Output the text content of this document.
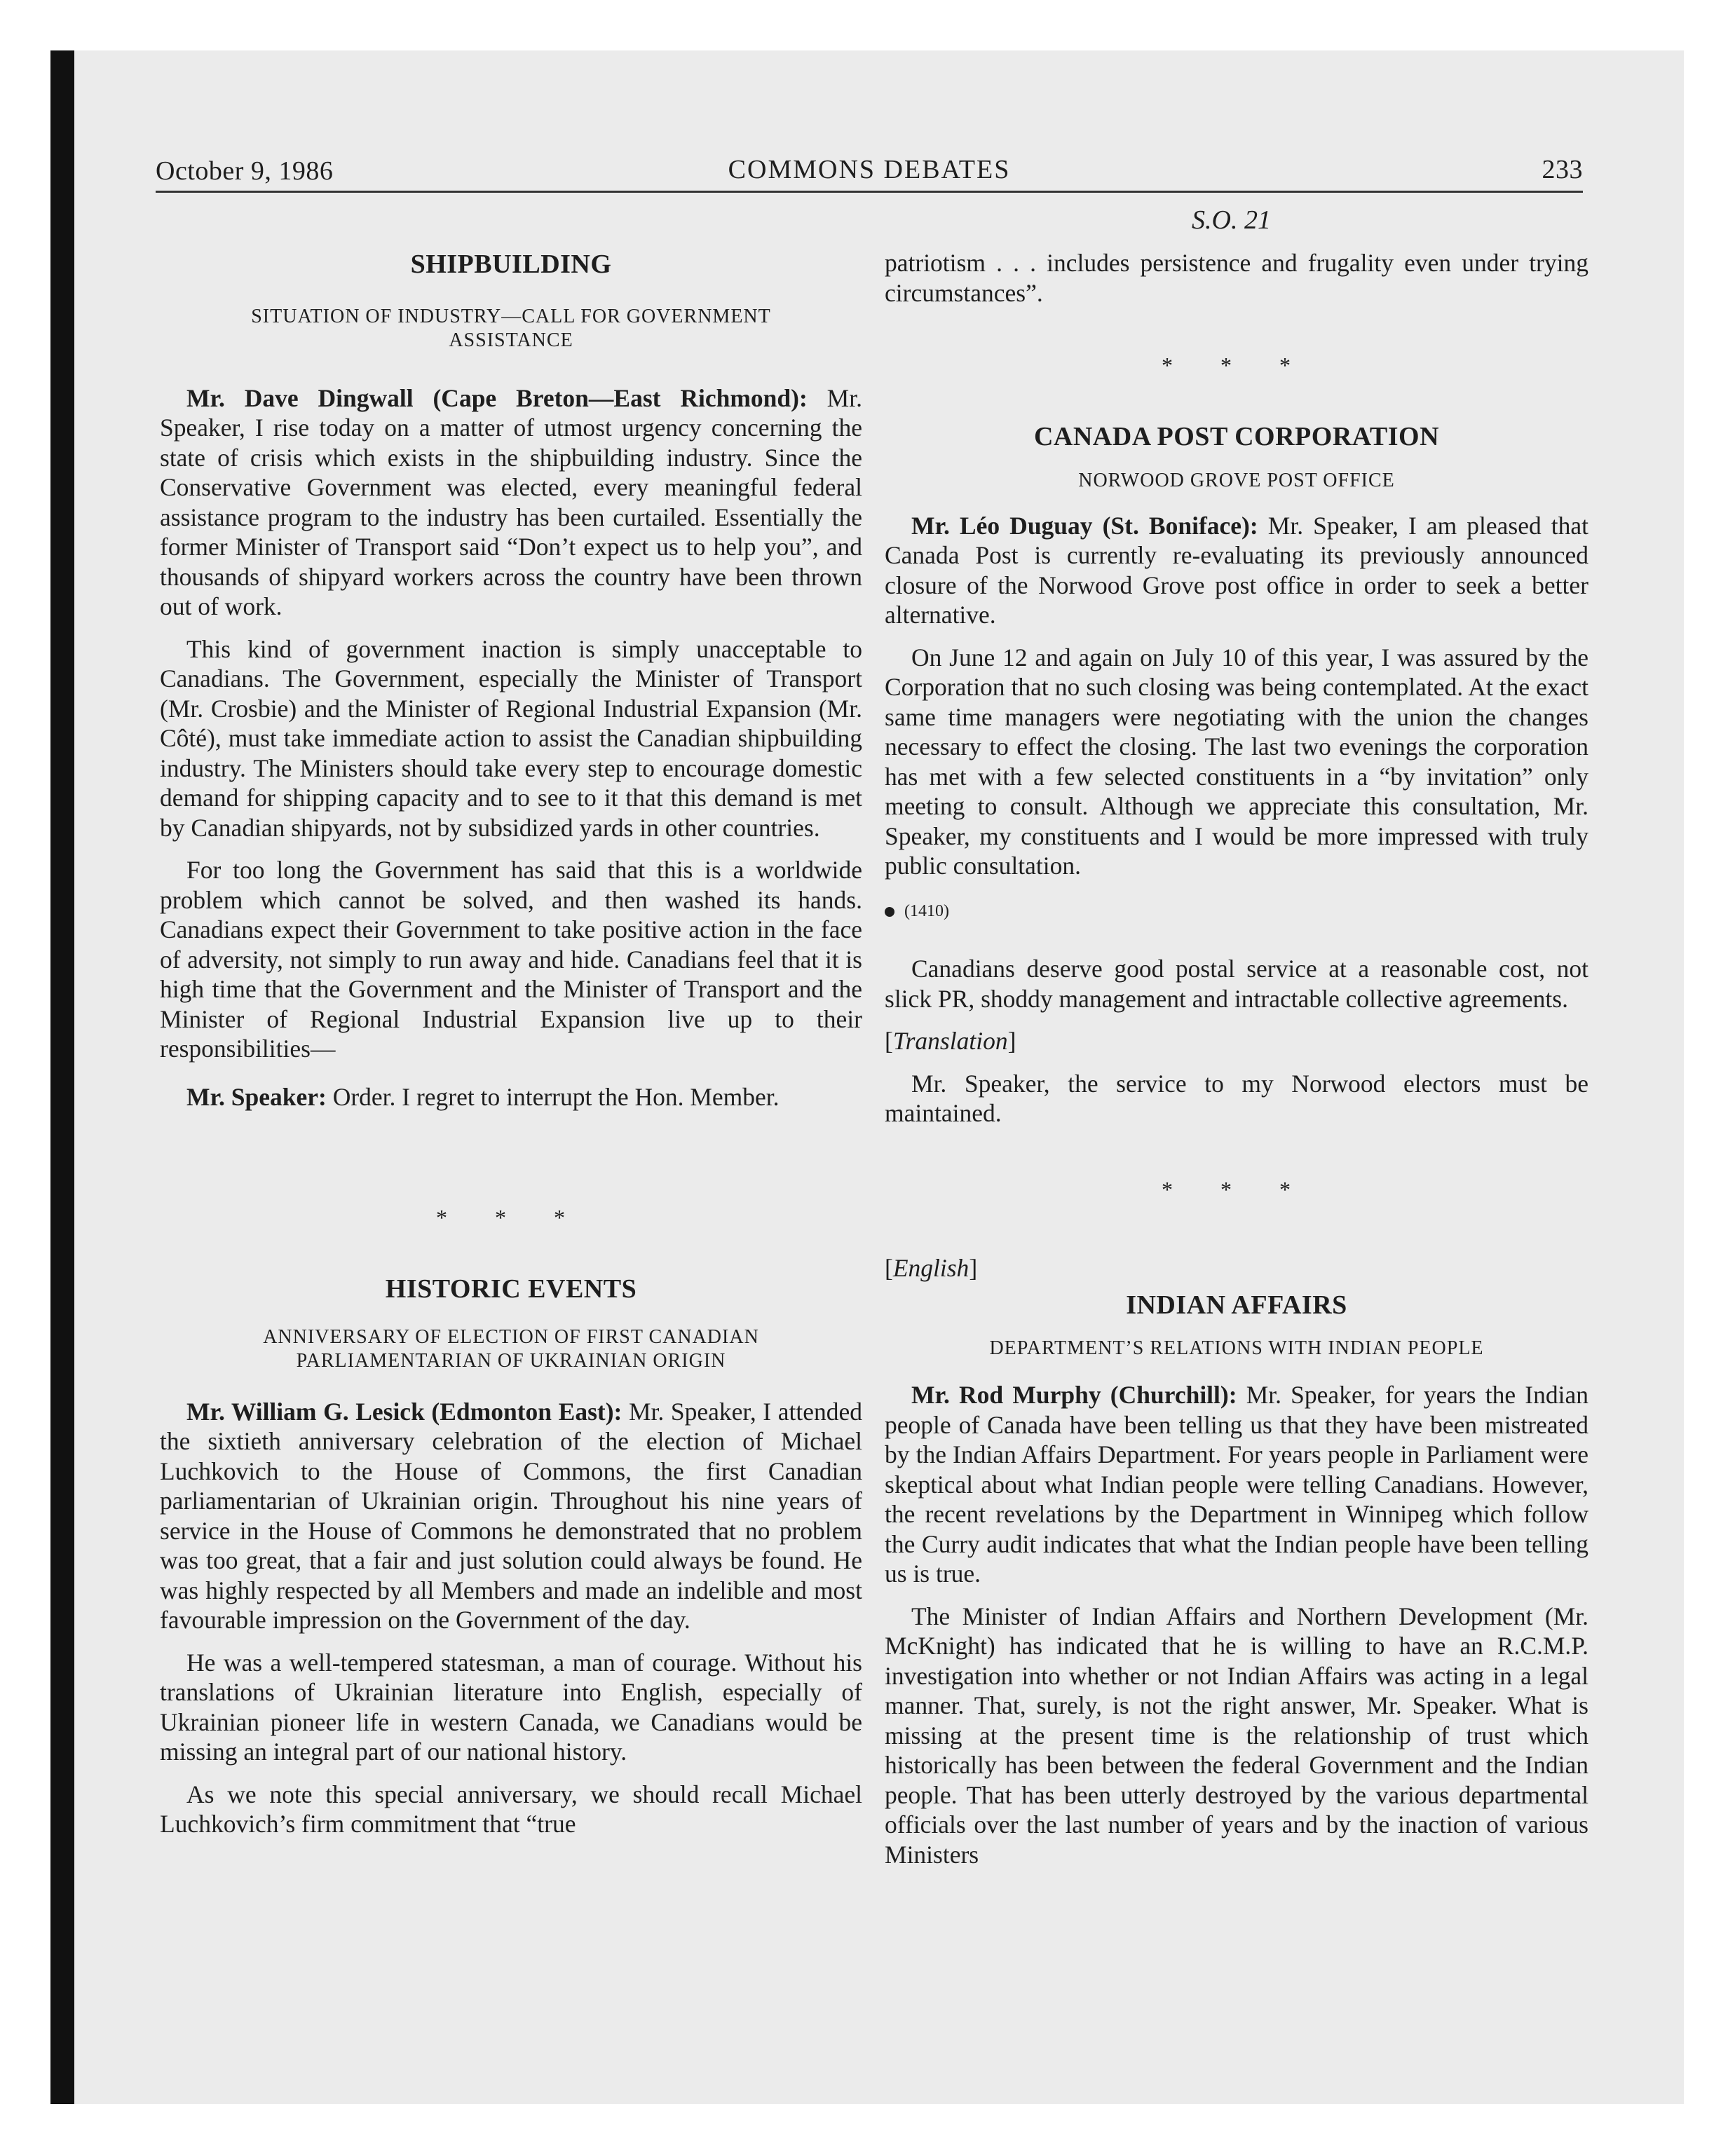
October 9, 1986	COMMONS DEBATES	233
S.O. 21
SHIPBUILDING
SITUATION OF INDUSTRY—CALL FOR GOVERNMENT
ASSISTANCE

Mr. Dave Dingwall (Cape Breton—East Richmond): Mr. Speaker, I rise today on a matter of utmost urgency concerning the state of crisis which exists in the shipbuilding industry. Since the Conservative Government was elected, every meaningful federal assistance program to the industry has been curtailed. Essentially the former Minister of Transport said “Don’t expect us to help you”, and thousands of shipyard workers across the country have been thrown out of work.

This kind of government inaction is simply unacceptable to Canadians. The Government, especially the Minister of Transport (Mr. Crosbie) and the Minister of Regional Industrial Expansion (Mr. Côté), must take immediate action to assist the Canadian shipbuilding industry. The Ministers should take every step to encourage domestic demand for shipping capacity and to see to it that this demand is met by Canadian shipyards, not by subsidized yards in other countries.

For too long the Government has said that this is a worldwide problem which cannot be solved, and then washed its hands. Canadians expect their Government to take positive action in the face of adversity, not simply to run away and hide. Canadians feel that it is high time that the Government and the Minister of Transport and the Minister of Regional Industrial Expansion live up to their responsibilities—

Mr. Speaker: Order. I regret to interrupt the Hon. Member.

* * *
HISTORIC EVENTS
ANNIVERSARY OF ELECTION OF FIRST CANADIAN
PARLIAMENTARIAN OF UKRAINIAN ORIGIN

Mr. William G. Lesick (Edmonton East): Mr. Speaker, I attended the sixtieth anniversary celebration of the election of Michael Luchkovich to the House of Commons, the first Canadian parliamentarian of Ukrainian origin. Throughout his nine years of service in the House of Commons he demonstrated that no problem was too great, that a fair and just solution could always be found. He was highly respected by all Members and made an indelible and most favourable impression on the Government of the day.

He was a well-tempered statesman, a man of courage. Without his translations of Ukrainian literature into English, especially of Ukrainian pioneer life in western Canada, we Canadians would be missing an integral part of our national history.

As we note this special anniversary, we should recall Michael Luchkovich’s firm commitment that “true

patriotism . . . includes persistence and frugality even under trying circumstances”.

* * *
CANADA POST CORPORATION
NORWOOD GROVE POST OFFICE

Mr. Léo Duguay (St. Boniface): Mr. Speaker, I am pleased that Canada Post is currently re-evaluating its previously announced closure of the Norwood Grove post office in order to seek a better alternative.

On June 12 and again on July 10 of this year, I was assured by the Corporation that no such closing was being contemplated. At the exact same time managers were negotiating with the union the changes necessary to effect the closing. The last two evenings the corporation has met with a few selected constituents in a “by invitation” only meeting to consult. Although we appreciate this consultation, Mr. Speaker, my constituents and I would be more impressed with truly public consultation.

(1410)

Canadians deserve good postal service at a reasonable cost, not slick PR, shoddy management and intractable collective agreements.

[Translation]

Mr. Speaker, the service to my Norwood electors must be maintained.

* * *

[English]

INDIAN AFFAIRS
DEPARTMENT’S RELATIONS WITH INDIAN PEOPLE

Mr. Rod Murphy (Churchill): Mr. Speaker, for years the Indian people of Canada have been telling us that they have been mistreated by the Indian Affairs Department. For years people in Parliament were skeptical about what Indian people were telling Canadians. However, the recent revelations by the Department in Winnipeg which follow the Curry audit indicates that what the Indian people have been telling us is true.

The Minister of Indian Affairs and Northern Development (Mr. McKnight) has indicated that he is willing to have an R.C.M.P. investigation into whether or not Indian Affairs was acting in a legal manner. That, surely, is not the right answer, Mr. Speaker. What is missing at the present time is the relationship of trust which historically has been between the federal Government and the Indian people. That has been utterly destroyed by the various departmental officials over the last number of years and by the inaction of various Ministers
